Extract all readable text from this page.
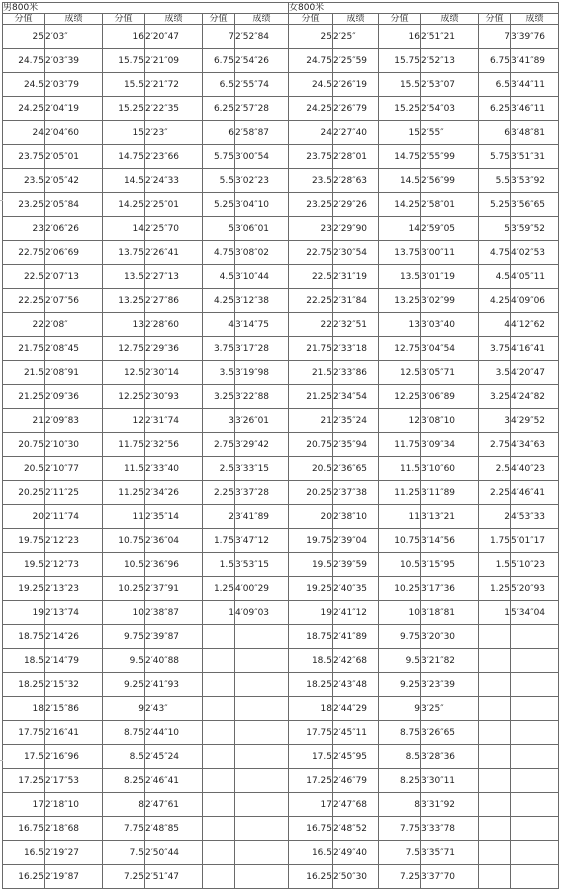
男800米						女800米					
分值	成绩	分值	成绩	分值	成绩	分值	成绩	分值	成绩	分值	成绩
25	2′03″	16	2′20″47	7	2′52″84	25	2′25″	16	2′51″21	7	3′39″76
24.75	2′03″39	15.75	2′21″09	6.75	2′54″26	24.75	2′25″59	15.75	2′52″13	6.75	3′41″89
24.5	2′03″79	15.5	2′21″72	6.5	2′55″74	24.5	2′26″19	15.5	2′53″07	6.5	3′44″11
24.25	2′04″19	15.25	2′22″35	6.25	2′57″28	24.25	2′26″79	15.25	2′54″03	6.25	3′46″11
24	2′04″60	15	2′23″	6	2′58″87	24	2′27″40	15	2′55″	6	3′48″81
23.75	2′05″01	14.75	2′23″66	5.75	3′00″54	23.75	2′28″01	14.75	2′55″99	5.75	3′51″31
23.5	2′05″42	14.5	2′24″33	5.5	3′02″23	23.5	2′28″63	14.5	2′56″99	5.5	3′53″92
23.25	2′05″84	14.25	2′25″01	5.25	3′04″10	23.25	2′29″26	14.25	2′58″01	5.25	3′56″65
23	2′06″26	14	2′25″70	5	3′06″01	23	2′29″90	14	2′59″05	5	3′59″52
22.75	2′06″69	13.75	2′26″41	4.75	3′08″02	22.75	2′30″54	13.75	3′00″11	4.75	4′02″53
22.5	2′07″13	13.5	2′27″13	4.5	3′10″44	22.5	2′31″19	13.5	3′01″19	4.5	4′05″11
22.25	2′07″56	13.25	2′27″86	4.25	3′12″38	22.25	2′31″84	13.25	3′02″99	4.25	4′09″06
22	2′08″	13	2′28″60	4	3′14″75	22	2′32″51	13	3′03″40	4	4′12″62
21.75	2′08″45	12.75	2′29″36	3.75	3′17″28	21.75	2′33″18	12.75	3′04″54	3.75	4′16″41
21.5	2′08″91	12.5	2′30″14	3.5	3′19″98	21.5	2′33″86	12.5	3′05″71	3.5	4′20″47
21.25	2′09″36	12.25	2′30″93	3.25	3′22″88	21.25	2′34″54	12.25	3′06″89	3.25	4′24″82
21	2′09″83	12	2′31″74	3	3′26″01	21	2′35″24	12	3′08″10	3	4′29″52
20.75	2′10″30	11.75	2′32″56	2.75	3′29″42	20.75	2′35″94	11.75	3′09″34	2.75	4′34″63
20.5	2′10″77	11.5	2′33″40	2.5	3′33″15	20.5	2′36″65	11.5	3′10″60	2.5	4′40″23
20.25	2′11″25	11.25	2′34″26	2.25	3′37″28	20.25	2′37″38	11.25	3′11″89	2.25	4′46″41
20	2′11″74	11	2′35″14	2	3′41″89	20	2′38″10	11	3′13″21	2	4′53″33
19.75	2′12″23	10.75	2′36″04	1.75	3′47″12	19.75	2′39″04	10.75	3′14″56	1.75	5′01″17
19.5	2′12″73	10.5	2′36″96	1.5	3′53″15	19.5	2′39″59	10.5	3′15″95	1.5	5′10″23
19.25	2′13″23	10.25	2′37″91	1.25	4′00″29	19.25	2′40″35	10.25	3′17″36	1.25	5′20″93
19	2′13″74	10	2′38″87	1	4′09″03	19	2′41″12	10	3′18″81	1	5′34″04
18.75	2′14″26	9.75	2′39″87			18.75	2′41″89	9.75	3′20″30		
18.5	2′14″79	9.5	2′40″88			18.5	2′42″68	9.5	3′21″82		
18.25	2′15″32	9.25	2′41″93			18.25	2′43″48	9.25	3′23″39		
18	2′15″86	9	2′43″			18	2′44″29	9	3′25″		
17.75	2′16″41	8.75	2′44″10			17.75	2′45″11	8.75	3′26″65		
17.5	2′16″96	8.5	2′45″24			17.5	2′45″95	8.5	3′28″36		
17.25	2′17″53	8.25	2′46″41			17.25	2′46″79	8.25	3′30″11		
17	2′18″10	8	2′47″61			17	2′47″68	8	3′31″92		
16.75	2′18″68	7.75	2′48″85			16.75	2′48″52	7.75	3′33″78		
16.5	2′19″27	7.5	2′50″44			16.5	2′49″40	7.5	3′35″71		
16.25	2′19″87	7.25	2′51″47			16.25	2′50″30	7.25	3′37″70		
